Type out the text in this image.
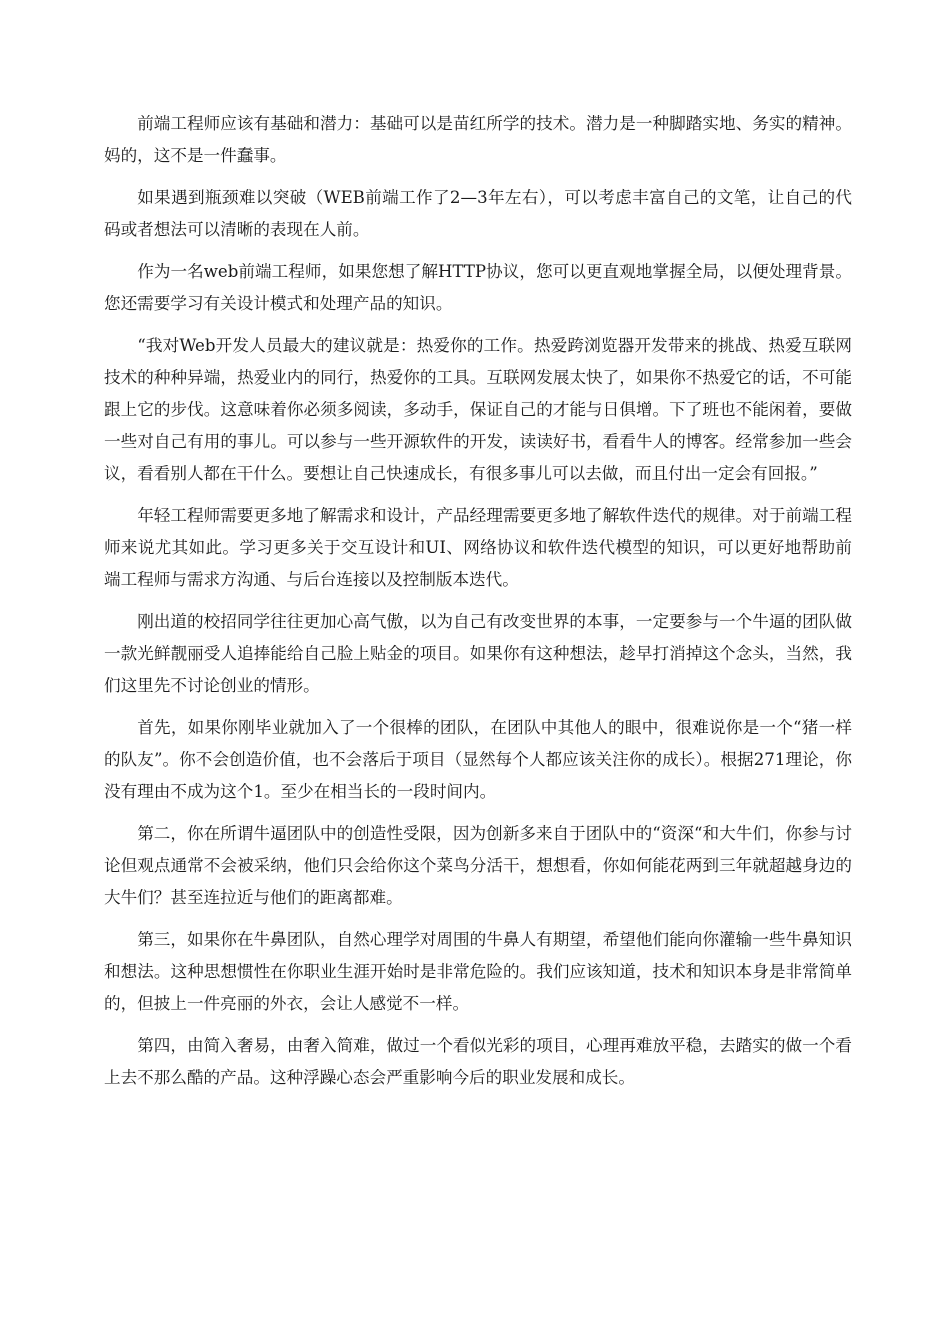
前端工程师应该有基础和潜力：基础可以是苗红所学的技术。潜力是一种脚踏实地、务实的精神。妈的，这不是一件蠢事。

如果遇到瓶颈难以突破（WEB前端工作了2—3年左右），可以考虑丰富自己的文笔，让自己的代码或者想法可以清晰的表现在人前。

作为一名web前端工程师，如果您想了解HTTP协议，您可以更直观地掌握全局，以便处理背景。您还需要学习有关设计模式和处理产品的知识。

“我对Web开发人员最大的建议就是：热爱你的工作。热爱跨浏览器开发带来的挑战、热爱互联网技术的种种异端，热爱业内的同行，热爱你的工具。互联网发展太快了，如果你不热爱它的话，不可能跟上它的步伐。这意味着你必须多阅读，多动手，保证自己的才能与日俱增。下了班也不能闲着，要做一些对自己有用的事儿。可以参与一些开源软件的开发，读读好书，看看牛人的博客。经常参加一些会议，看看别人都在干什么。要想让自己快速成长，有很多事儿可以去做，而且付出一定会有回报。”

年轻工程师需要更多地了解需求和设计，产品经理需要更多地了解软件迭代的规律。对于前端工程师来说尤其如此。学习更多关于交互设计和UI、网络协议和软件迭代模型的知识，可以更好地帮助前端工程师与需求方沟通、与后台连接以及控制版本迭代。

刚出道的校招同学往往更加心高气傲，以为自己有改变世界的本事，一定要参与一个牛逼的团队做一款光鲜靓丽受人追捧能给自己脸上贴金的项目。如果你有这种想法，趁早打消掉这个念头，当然，我们这里先不讨论创业的情形。

首先，如果你刚毕业就加入了一个很棒的团队，在团队中其他人的眼中，很难说你是一个“猪一样的队友”。你不会创造价值，也不会落后于项目（显然每个人都应该关注你的成长）。根据271理论，你没有理由不成为这个1。至少在相当长的一段时间内。

第二，你在所谓牛逼团队中的创造性受限，因为创新多来自于团队中的“资深“和大牛们，你参与讨论但观点通常不会被采纳，他们只会给你这个菜鸟分活干，想想看，你如何能花两到三年就超越身边的大牛们？甚至连拉近与他们的距离都难。

第三，如果你在牛鼻团队，自然心理学对周围的牛鼻人有期望，希望他们能向你灌输一些牛鼻知识和想法。这种思想惯性在你职业生涯开始时是非常危险的。我们应该知道，技术和知识本身是非常简单的，但披上一件亮丽的外衣，会让人感觉不一样。

第四，由简入奢易，由奢入简难，做过一个看似光彩的项目，心理再难放平稳，去踏实的做一个看上去不那么酷的产品。这种浮躁心态会严重影响今后的职业发展和成长。
